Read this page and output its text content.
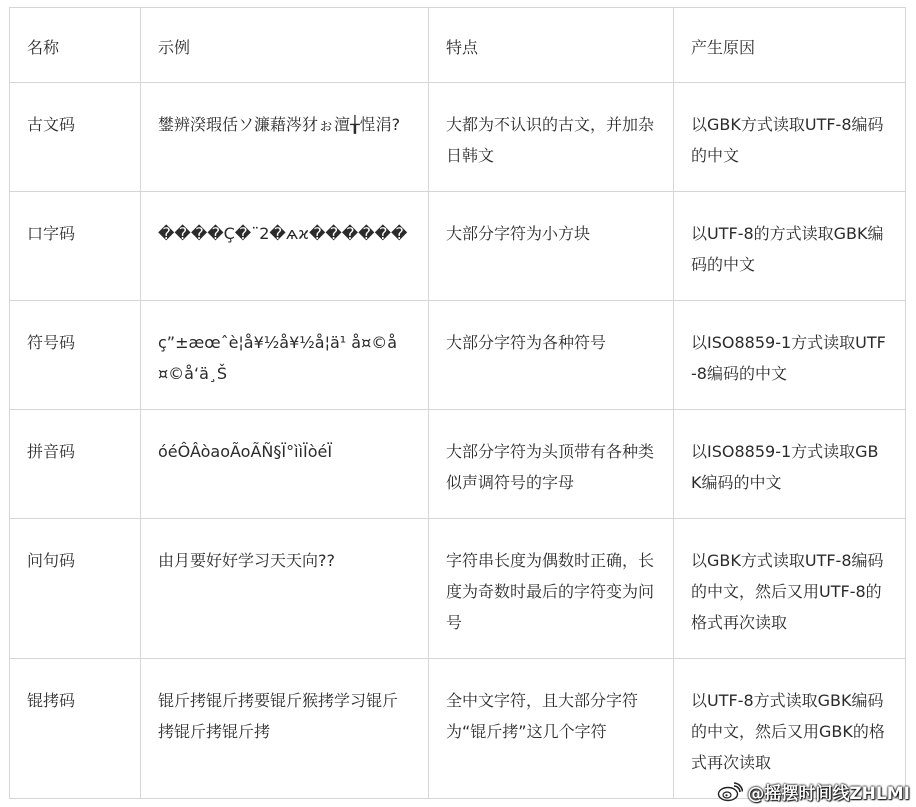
名称	示例	特点	产生原因
古文码	鐢辨湀瑕佸ソ濂藉涔犲ぉ澶╁悜涓?	大都为不认识的古文，并加杂日韩文	以GBK方式读取UTF-8编码的中文
口字码	����Ç�¨2�ѧϰ������	大部分字符为小方块	以UTF-8的方式读取GBK编码的中文
符号码	ç”±æœˆè¦å¥½å¥½å¦ä¹ å¤©å¤©å‘ä¸Š	大部分字符为各种符号	以ISO8859-1方式读取UTF-8编码的中文
拼音码	óéÔÂòaoÃoÃÑ§Ï°ììÏòéÏ	大部分字符为头顶带有各种类似声调符号的字母	以ISO8859-1方式读取GBK编码的中文
问句码	由月要好好学习天天向??	字符串长度为偶数时正确，长度为奇数时最后的字符变为问号	以GBK方式读取UTF-8编码的中文，然后又用UTF-8的格式再次读取
锟拷码	锟斤拷锟斤拷要锟斤猴拷学习锟斤拷锟斤拷锟斤拷	全中文字符，且大部分字符为“锟斤拷”这几个字符	以UTF-8方式读取GBK编码的中文，然后又用GBK的格式再次读取
@摇摆时间线ZHLMI
